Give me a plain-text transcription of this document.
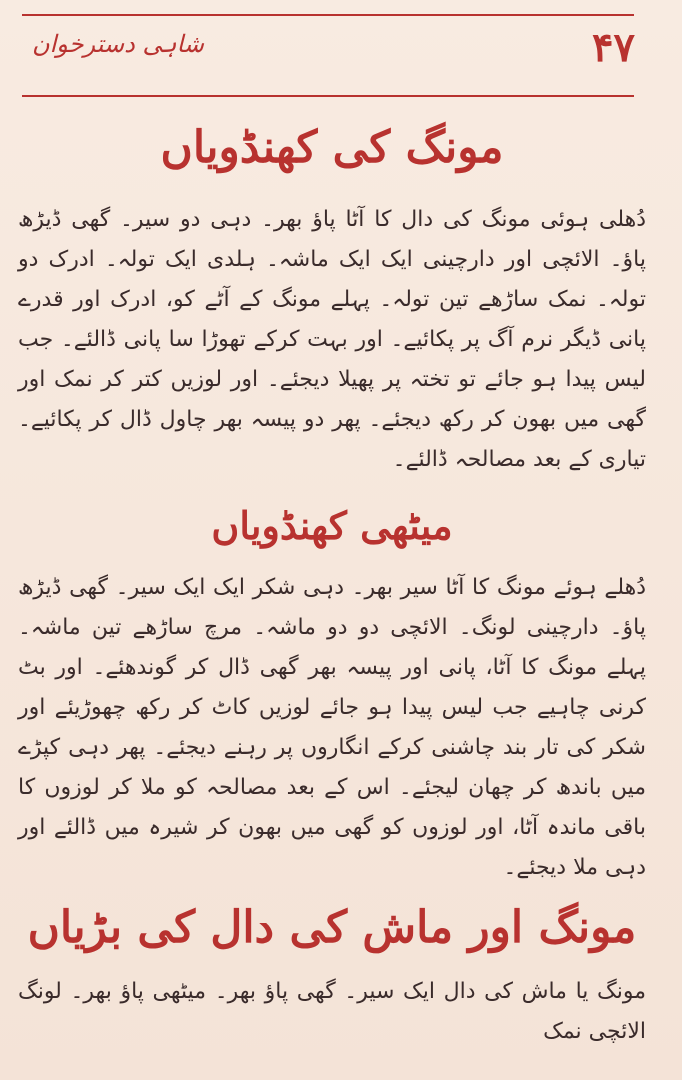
۴۷
شاہی دسترخوان
مونگ کی کھنڈویاں

دُھلی ہوئی مونگ کی دال کا آٹا پاؤ بھر۔ دہی دو سیر۔ گھی ڈیڑھ پاؤ۔ الائچی اور دارچینی ایک ایک ماشہ۔ ہلدی ایک تولہ۔ ادرک دو تولہ۔ نمک ساڑھے تین تولہ۔ پہلے مونگ کے آٹے کو، ادرک اور قدرے پانی ڈیگر نرم آگ پر پکائیے۔ اور بہت کرکے تھوڑا سا پانی ڈالئے۔ جب لیس پیدا ہو جائے تو تختہ پر پھیلا دیجئے۔ اور لوزیں کتر کر نمک اور گھی میں بھون کر رکھ دیجئے۔ پھر دو پیسہ بھر چاول ڈال کر پکائیے۔ تیاری کے بعد مصالحہ ڈالئے۔

میٹھی کھنڈویاں

دُھلے ہوئے مونگ کا آٹا سیر بھر۔ دہی شکر ایک ایک سیر۔ گھی ڈیڑھ پاؤ۔ دارچینی لونگ۔ الائچی دو دو ماشہ۔ مرچ ساڑھے تین ماشہ۔ پہلے مونگ کا آٹا، پانی اور پیسہ بھر گھی ڈال کر گوندھئے۔ اور بٹ کرنی چاہیے جب لیس پیدا ہو جائے لوزیں کاٹ کر رکھ چھوڑیئے اور شکر کی تار بند چاشنی کرکے انگاروں پر رہنے دیجئے۔ پھر دہی کپڑے میں باندھ کر چھان لیجئے۔ اس کے بعد مصالحہ کو ملا کر لوزوں کا باقی ماندہ آٹا، اور لوزوں کو گھی میں بھون کر شیرہ میں ڈالئے اور دہی ملا دیجئے۔

مونگ اور ماش کی دال کی بڑیاں

مونگ یا ماش کی دال ایک سیر۔ گھی پاؤ بھر۔ میٹھی پاؤ بھر۔ لونگ الائچی نمک
